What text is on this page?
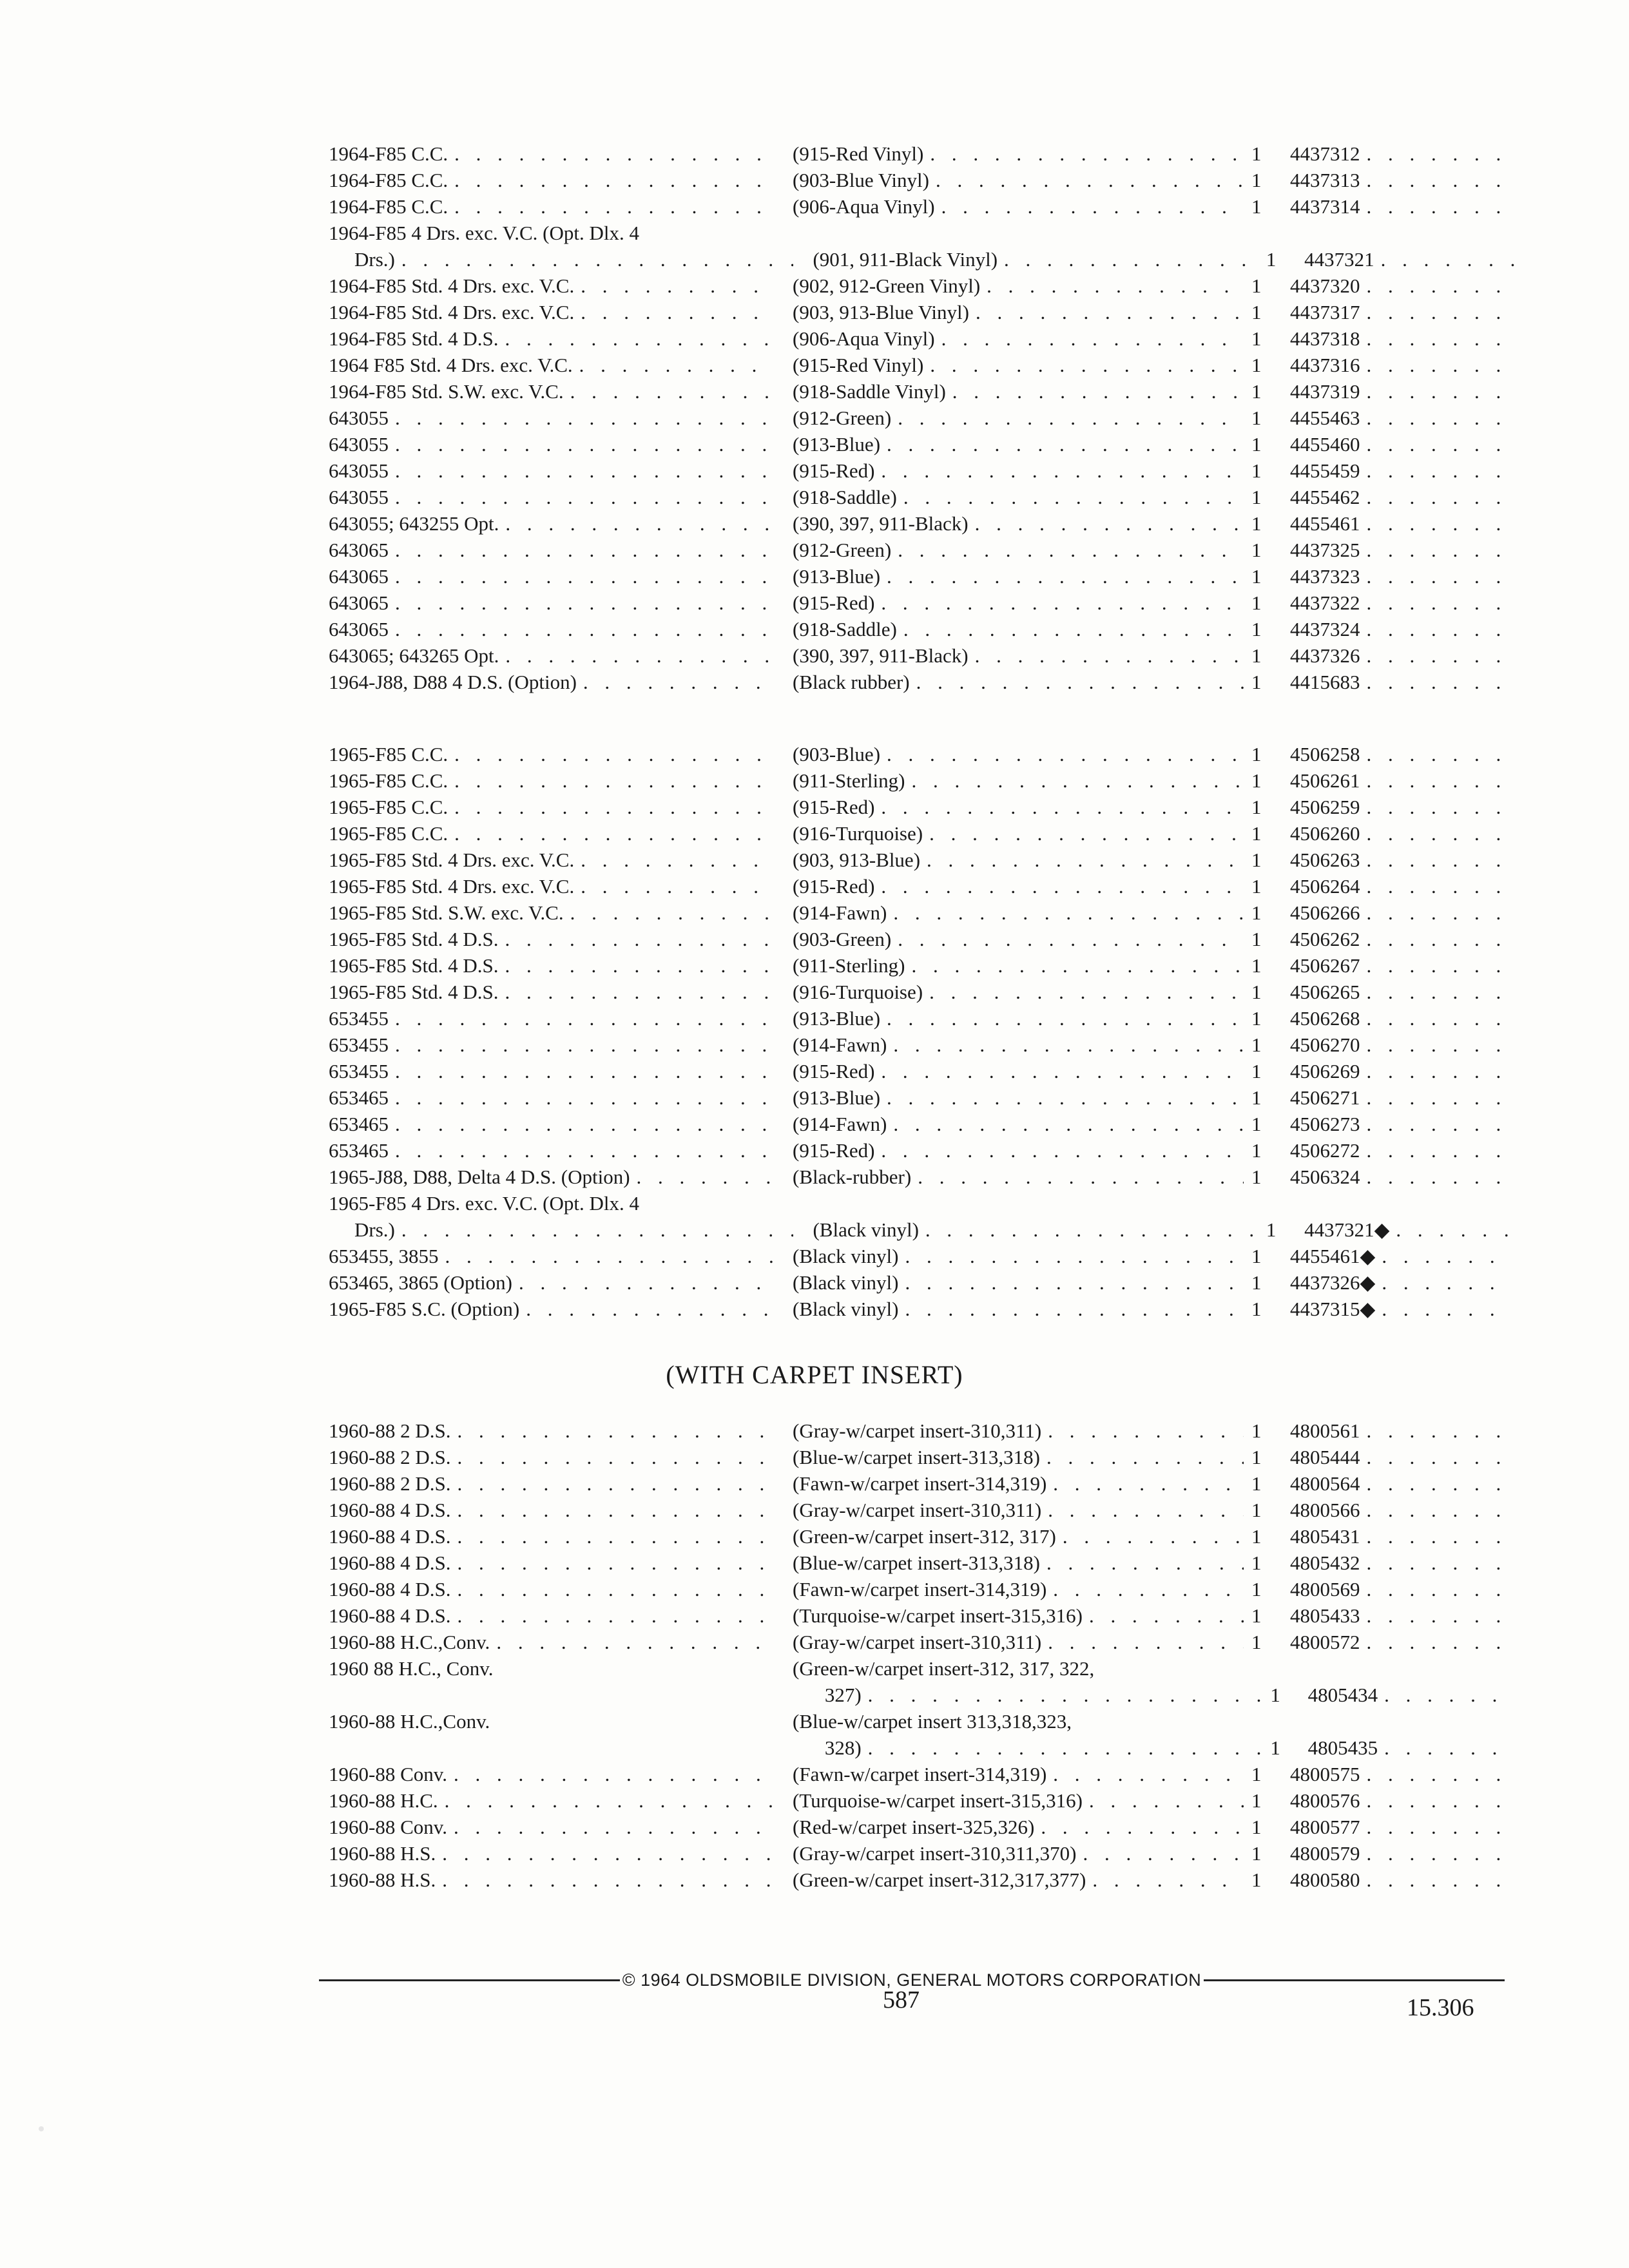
1964-F85 C.C. . . .	(915-Red Vinyl) . . .	1	4437312
. . .
1964-F85 C.C. . . .	(903-Blue Vinyl) . . .	1	4437313
. . .
1964-F85 C.C. . . .	(906-Aqua Vinyl) . . .	1	4437314
. . .
1964-F85 4 Drs. exc. V.C. (Opt. Dlx. 4
Drs.) . . .	(901, 911-Black Vinyl) . . .	1	4437321
. . .
1964-F85 Std. 4 Drs. exc. V.C. . . .	(902, 912-Green Vinyl) . . .	1	4437320
. . .
1964-F85 Std. 4 Drs. exc. V.C. . . .	(903, 913-Blue Vinyl) . . .	1	4437317
. . .
1964-F85 Std. 4 D.S. . . .	(906-Aqua Vinyl) . . .	1	4437318
. . .
1964 F85 Std. 4 Drs. exc. V.C. . . .	(915-Red Vinyl) . . .	1	4437316
. . .
1964-F85 Std. S.W. exc. V.C. . . .	(918-Saddle Vinyl) . . .	1	4437319
. . .
643055 . . .	(912-Green) . . .	1	4455463
. . .
643055 . . .	(913-Blue) . . .	1	4455460
. . .
643055 . . .	(915-Red) . . .	1	4455459
. . .
643055 . . .	(918-Saddle) . . .	1	4455462
. . .
643055; 643255 Opt. . . .	(390, 397, 911-Black) . . .	1	4455461
. . .
643065 . . .	(912-Green) . . .	1	4437325
. . .
643065 . . .	(913-Blue) . . .	1	4437323
. . .
643065 . . .	(915-Red) . . .	1	4437322
. . .
643065 . . .	(918-Saddle) . . .	1	4437324
. . .
643065; 643265 Opt. . . .	(390, 397, 911-Black) . . .	1	4437326
. . .
1964-J88, D88 4 D.S. (Option) . . .	(Black rubber) . . .	1	4415683
. . .
1965-F85 C.C. . . .	(903-Blue) . . .	1	4506258
. . .
1965-F85 C.C. . . .	(911-Sterling) . . .	1	4506261
. . .
1965-F85 C.C. . . .	(915-Red) . . .	1	4506259
. . .
1965-F85 C.C. . . .	(916-Turquoise) . . .	1	4506260
. . .
1965-F85 Std. 4 Drs. exc. V.C. . . .	(903, 913-Blue) . . .	1	4506263
. . .
1965-F85 Std. 4 Drs. exc. V.C. . . .	(915-Red) . . .	1	4506264
. . .
1965-F85 Std. S.W. exc. V.C. . . .	(914-Fawn) . . .	1	4506266
. . .
1965-F85 Std. 4 D.S. . . .	(903-Green) . . .	1	4506262
. . .
1965-F85 Std. 4 D.S. . . .	(911-Sterling) . . .	1	4506267
. . .
1965-F85 Std. 4 D.S. . . .	(916-Turquoise) . . .	1	4506265
. . .
653455 . . .	(913-Blue) . . .	1	4506268
. . .
653455 . . .	(914-Fawn) . . .	1	4506270
. . .
653455 . . .	(915-Red) . . .	1	4506269
. . .
653465 . . .	(913-Blue) . . .	1	4506271
. . .
653465 . . .	(914-Fawn) . . .	1	4506273
. . .
653465 . . .	(915-Red) . . .	1	4506272
. . .
1965-J88, D88, Delta 4 D.S. (Option) . . .	(Black-rubber) . . .	1	4506324
. . .
1965-F85 4 Drs. exc. V.C. (Opt. Dlx. 4
Drs.) . . .	(Black vinyl) . . .	1	4437321◆
. . .
653455, 3855 . . .	(Black vinyl) . . .	1	4455461◆
. . .
653465, 3865 (Option) . . .	(Black vinyl) . . .	1	4437326◆
. . .
1965-F85 S.C. (Option) . . .	(Black vinyl) . . .	1	4437315◆
. . .
(WITH CARPET INSERT)
1960-88 2 D.S. . . .	(Gray-w/carpet insert-310,311) . . .	1	4800561
. . .
1960-88 2 D.S. . . .	(Blue-w/carpet insert-313,318) . . .	1	4805444
. . .
1960-88 2 D.S. . . .	(Fawn-w/carpet insert-314,319) . . .	1	4800564
. . .
1960-88 4 D.S. . . .	(Gray-w/carpet insert-310,311) . . .	1	4800566
. . .
1960-88 4 D.S. . . .	(Green-w/carpet insert-312, 317) . . .	1	4805431
. . .
1960-88 4 D.S. . . .	(Blue-w/carpet insert-313,318) . . .	1	4805432
. . .
1960-88 4 D.S. . . .	(Fawn-w/carpet insert-314,319) . . .	1	4800569
. . .
1960-88 4 D.S. . . .	(Turquoise-w/carpet insert-315,316) . . .	1	4805433
. . .
1960-88 H.C.,Conv. . . .	(Gray-w/carpet insert-310,311) . . .	1	4800572
. . .
1960 88 H.C., Conv.	(Green-w/carpet insert-312, 317, 322,
327) . . .	1	4805434
. . .
1960-88 H.C.,Conv.	(Blue-w/carpet insert 313,318,323,
328) . . .	1	4805435
. . .
1960-88 Conv. . . .	(Fawn-w/carpet insert-314,319) . . .	1	4800575
. . .
1960-88 H.C. . . .	(Turquoise-w/carpet insert-315,316) . . .	1	4800576
. . .
1960-88 Conv. . . .	(Red-w/carpet insert-325,326) . . .	1	4800577
. . .
1960-88 H.S. . . .	(Gray-w/carpet insert-310,311,370) . . .	1	4800579
. . .
1960-88 H.S. . . .	(Green-w/carpet insert-312,317,377) . . .	1	4800580
. . .
© 1964 OLDSMOBILE DIVISION, GENERAL MOTORS CORPORATION
587	15.306
